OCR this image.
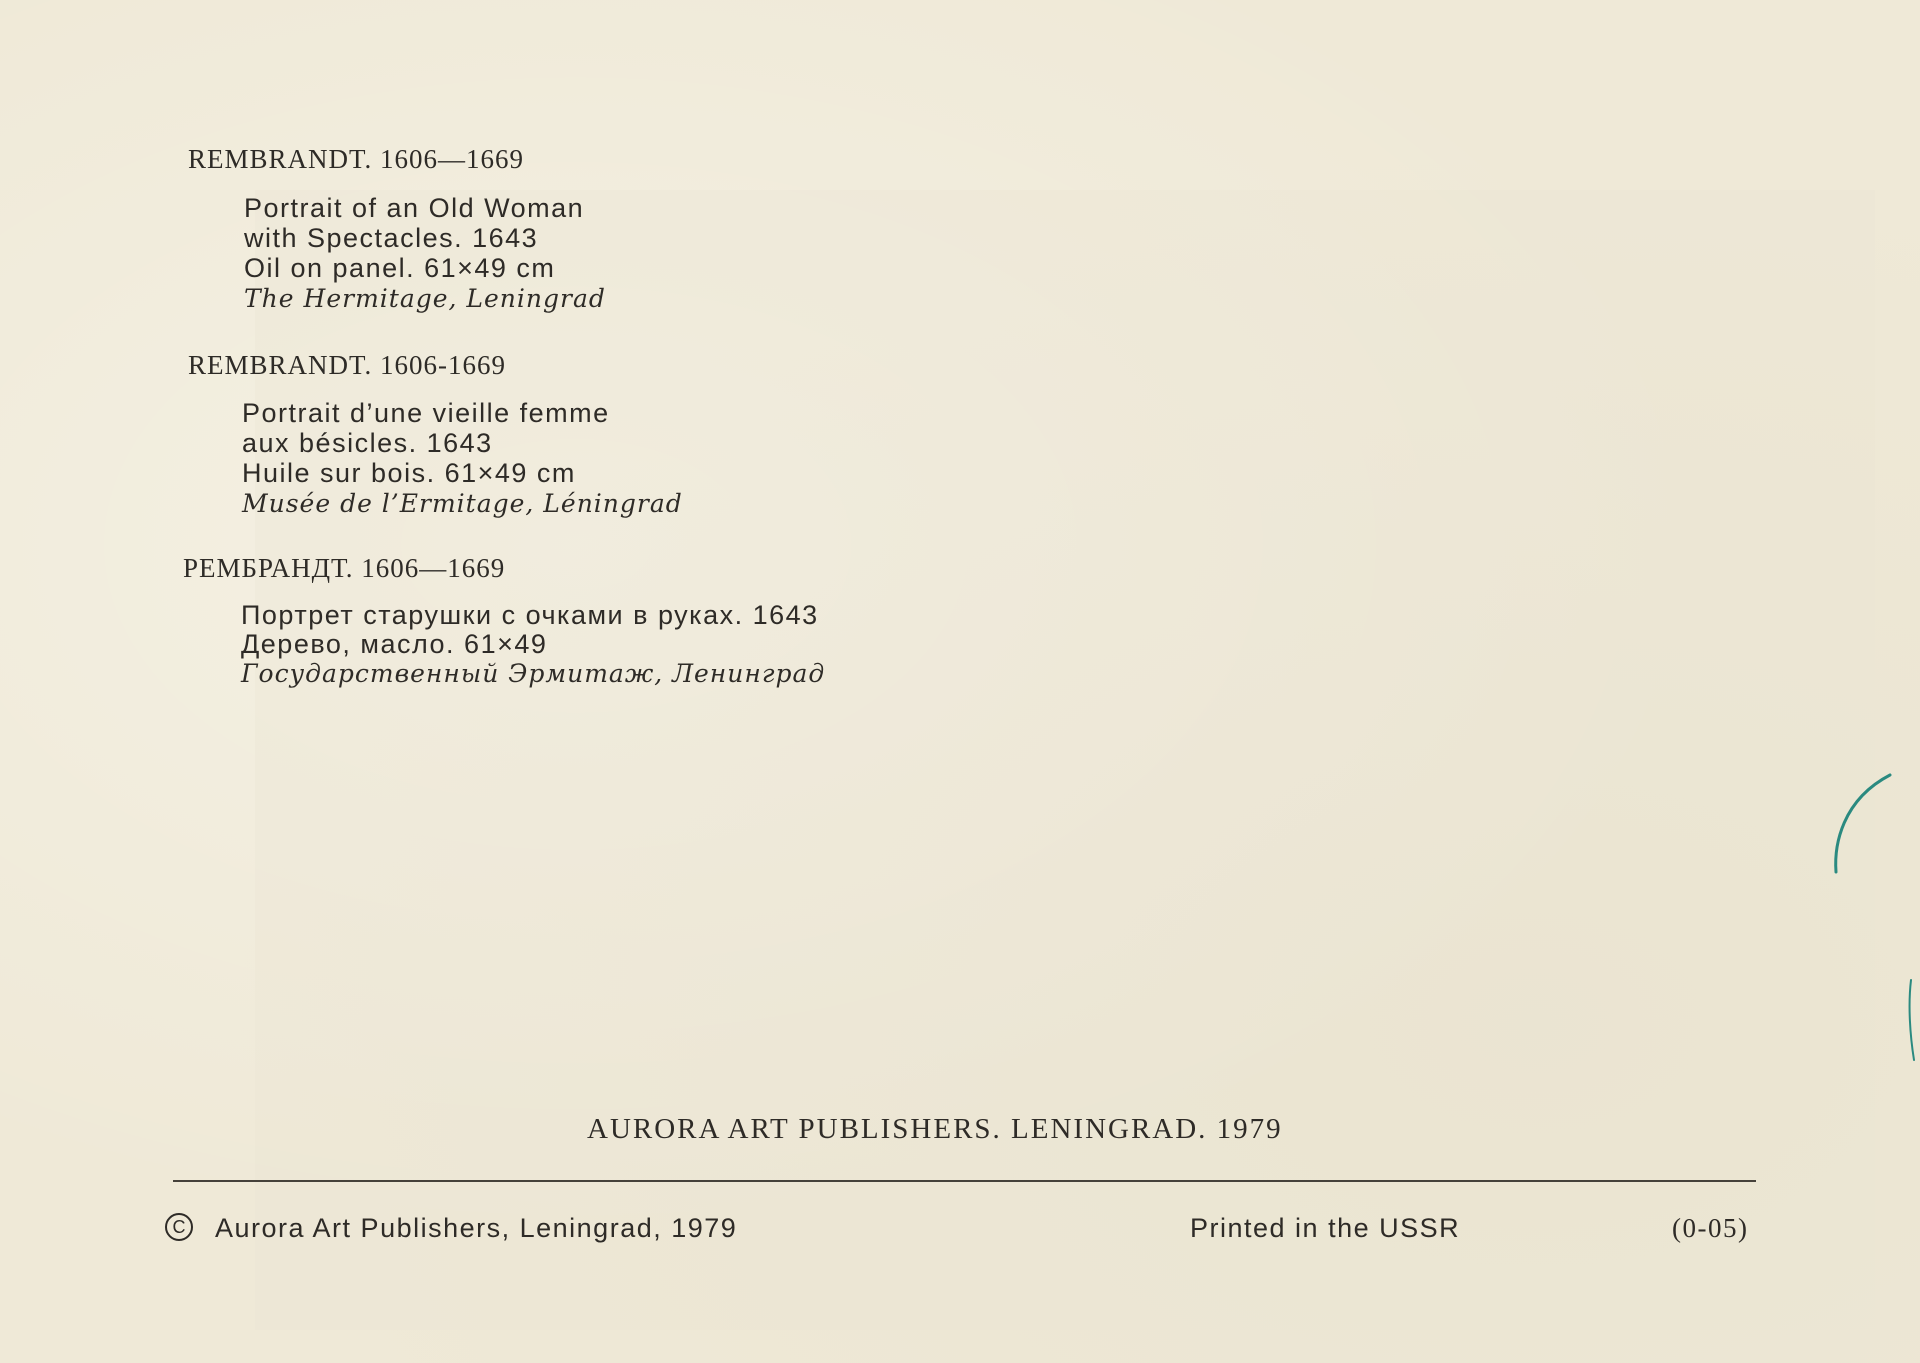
REMBRANDT. 1606—1669
Portrait of an Old Woman
with Spectacles. 1643
Oil on panel. 61×49 cm
The Hermitage, Leningrad
REMBRANDT. 1606-1669
Portrait d’une vieille femme
aux bésicles. 1643
Huile sur bois. 61×49 cm
Musée de l’Ermitage, Léningrad
РЕМБРАНДТ. 1606—1669
Портрет старушки с очками в руках. 1643
Дерево, масло. 61×49
Государственный Эрмитаж, Ленинград
AURORA ART PUBLISHERS. LENINGRAD. 1979
C Aurora Art Publishers, Leningrad, 1979	Printed in the USSR	(0-05)
